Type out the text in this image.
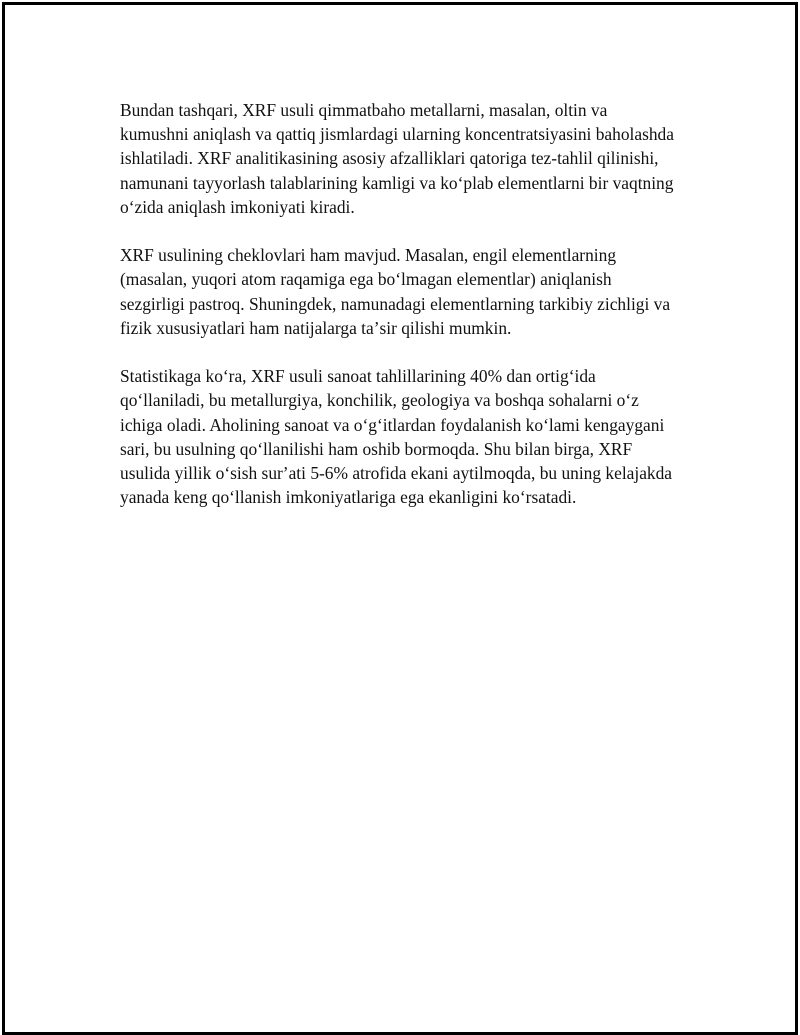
Bundan tashqari, XRF usuli qimmatbaho metallarni, masalan, oltin va kumushni aniqlash va qattiq jismlardagi ularning koncentratsiyasini baholashda ishlatiladi. XRF analitikasining asosiy afzalliklari qatoriga tez-tahlil qilinishi, namunani tayyorlash talablarining kamligi va koʻplab elementlarni bir vaqtning oʻzida aniqlash imkoniyati kiradi.

XRF usulining cheklovlari ham mavjud. Masalan, engil elementlarning (masalan, yuqori atom raqamiga ega boʻlmagan elementlar) aniqlanish sezgirligi pastroq. Shuningdek, namunadagi elementlarning tarkibiy zichligi va fizik xususiyatlari ham natijalarga taʼsir qilishi mumkin.

Statistikaga koʻra, XRF usuli sanoat tahlillarining 40% dan ortigʻida qoʻllaniladi, bu metallurgiya, konchilik, geologiya va boshqa sohalarni oʻz ichiga oladi. Aholining sanoat va oʻgʻitlardan foydalanish koʻlami kengaygani sari, bu usulning qoʻllanilishi ham oshib bormoqda. Shu bilan birga, XRF usulida yillik oʻsish surʼati 5-6% atrofida ekani aytilmoqda, bu uning kelajakda yanada keng qoʻllanish imkoniyatlariga ega ekanligini koʻrsatadi.
